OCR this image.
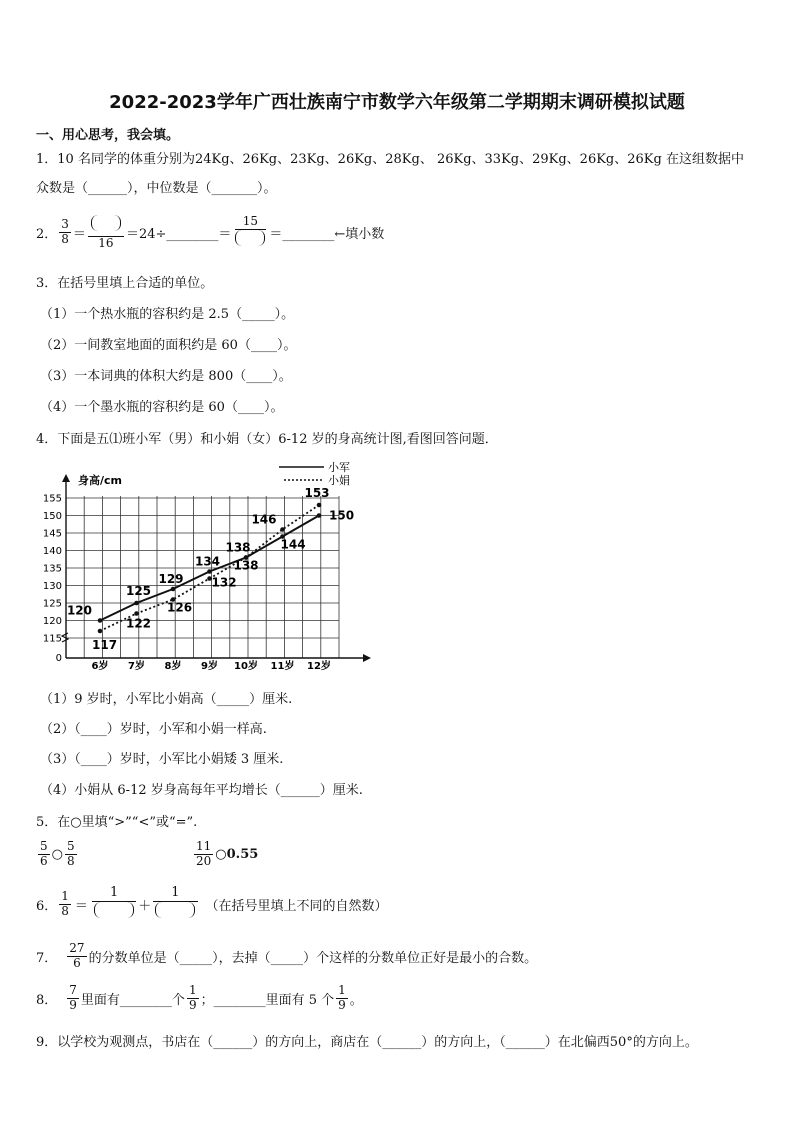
2022-2023学年广西壮族南宁市数学六年级第二学期期末调研模拟试题
一、用心思考，我会填。
1．10 名同学的体重分别为24Kg、26Kg、23Kg、26Kg、28Kg、 26Kg、33Kg、29Kg、26Kg、26Kg 在这组数据中
众数是（______），中位数是（_______）。
2． $\frac{3}{8}$ ＝
16
＝24÷________＝
15
＝________←填小数
3．在括号里填上合适的单位。
（1）一个热水瓶的容积约是 2.5（_____）。
（2）一间教室地面的面积约是 60（____）。
（3）一本词典的体积大约是 800（____）。
（4）一个墨水瓶的容积约是 60（____）。
4．下面是五⑴班小军（男）和小娟（女）6-12 岁的身高统计图,看图回答问题．
115
120
125
130
135
140
145
150
155
0
身高/cm
6岁 7岁 8岁 9岁 10岁 11岁 12岁
小军
小娟
120
125
129
134
138 144
150
117
122
126
132
138
146
153
（1）9 岁时，小军比小娟高（_____）厘米.
（2）（____）岁时，小军和小娟一样高.
（3）（____）岁时，小军比小娟矮 3 厘米.
（4）小娟从 6-12 岁身高每年平均增长（______）厘米.
5．在○里填“>”“<”或“=”.
$\frac{5}{6}$ ○ $\frac{5}{8}$	$\frac{11}{20}$ ○0.55
6． $\frac{1}{8}$ ＝
1
＋
1
（在括号里填上不同的自然数）
7． $\frac{27}{6}$ 的分数单位是（_____），去掉（_____）个这样的分数单位正好是最小的合数。
8． $\frac{7}{9}$ 里面有________个 $\frac{1}{9}$ ；________里面有 5 个 $\frac{1}{9}$ 。
9．以学校为观测点，书店在（______）的方向上，商店在（______）的方向上，（______）在北偏西50°的方向上。
